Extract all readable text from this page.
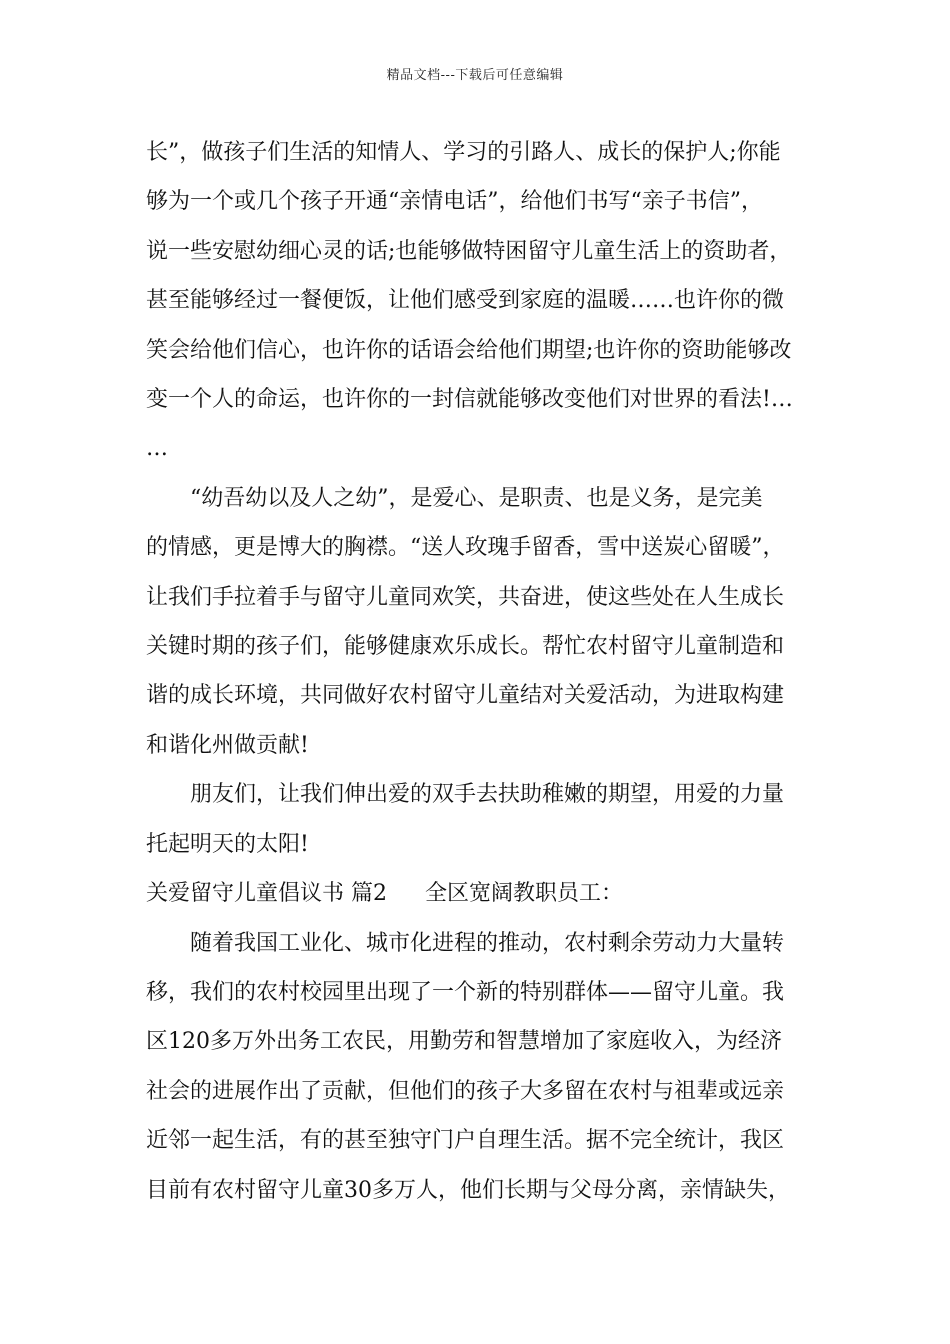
精品文档---下载后可任意编辑

长”，做孩子们生活的知情人、学习的引路人、成长的保护人;你能
够为一个或几个孩子开通“亲情电话”，给他们书写“亲子书信”，
说一些安慰幼细心灵的话;也能够做特困留守儿童生活上的资助者，
甚至能够经过一餐便饭，让他们感受到家庭的温暖……也许你的微
笑会给他们信心，也许你的话语会给他们期望;也许你的资助能够改
变一个人的命运，也许你的一封信就能够改变他们对世界的看法!…
…

“幼吾幼以及人之幼”，是爱心、是职责、也是义务，是完美
的情感，更是博大的胸襟。“送人玫瑰手留香，雪中送炭心留暖”，
让我们手拉着手与留守儿童同欢笑，共奋进，使这些处在人生成长
关键时期的孩子们，能够健康欢乐成长。帮忙农村留守儿童制造和
谐的成长环境，共同做好农村留守儿童结对关爱活动，为进取构建
和谐化州做贡献!

朋友们，让我们伸出爱的双手去扶助稚嫩的期望，用爱的力量
托起明天的太阳!

关爱留守儿童倡议书 篇2 全区宽阔教职员工：

随着我国工业化、城市化进程的推动，农村剩余劳动力大量转
移，我们的农村校园里出现了一个新的特别群体——留守儿童。我
区120多万外出务工农民，用勤劳和智慧增加了家庭收入，为经济
社会的进展作出了贡献，但他们的孩子大多留在农村与祖辈或远亲
近邻一起生活，有的甚至独守门户自理生活。据不完全统计，我区
目前有农村留守儿童30多万人，他们长期与父母分离，亲情缺失，
